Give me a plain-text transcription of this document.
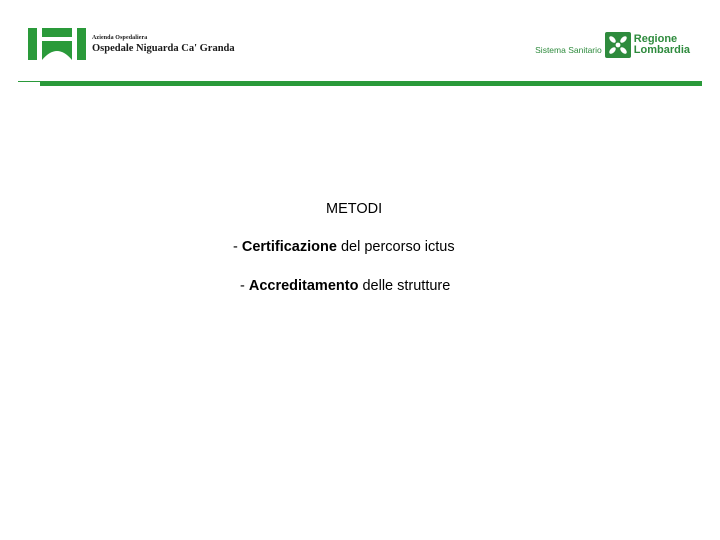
Azienda Ospedaliera
Ospedale Niguarda Ca' Granda	Sistema Sanitario
Regione
Lombardia
METODI
- Certificazione del percorso ictus
- Accreditamento delle strutture
